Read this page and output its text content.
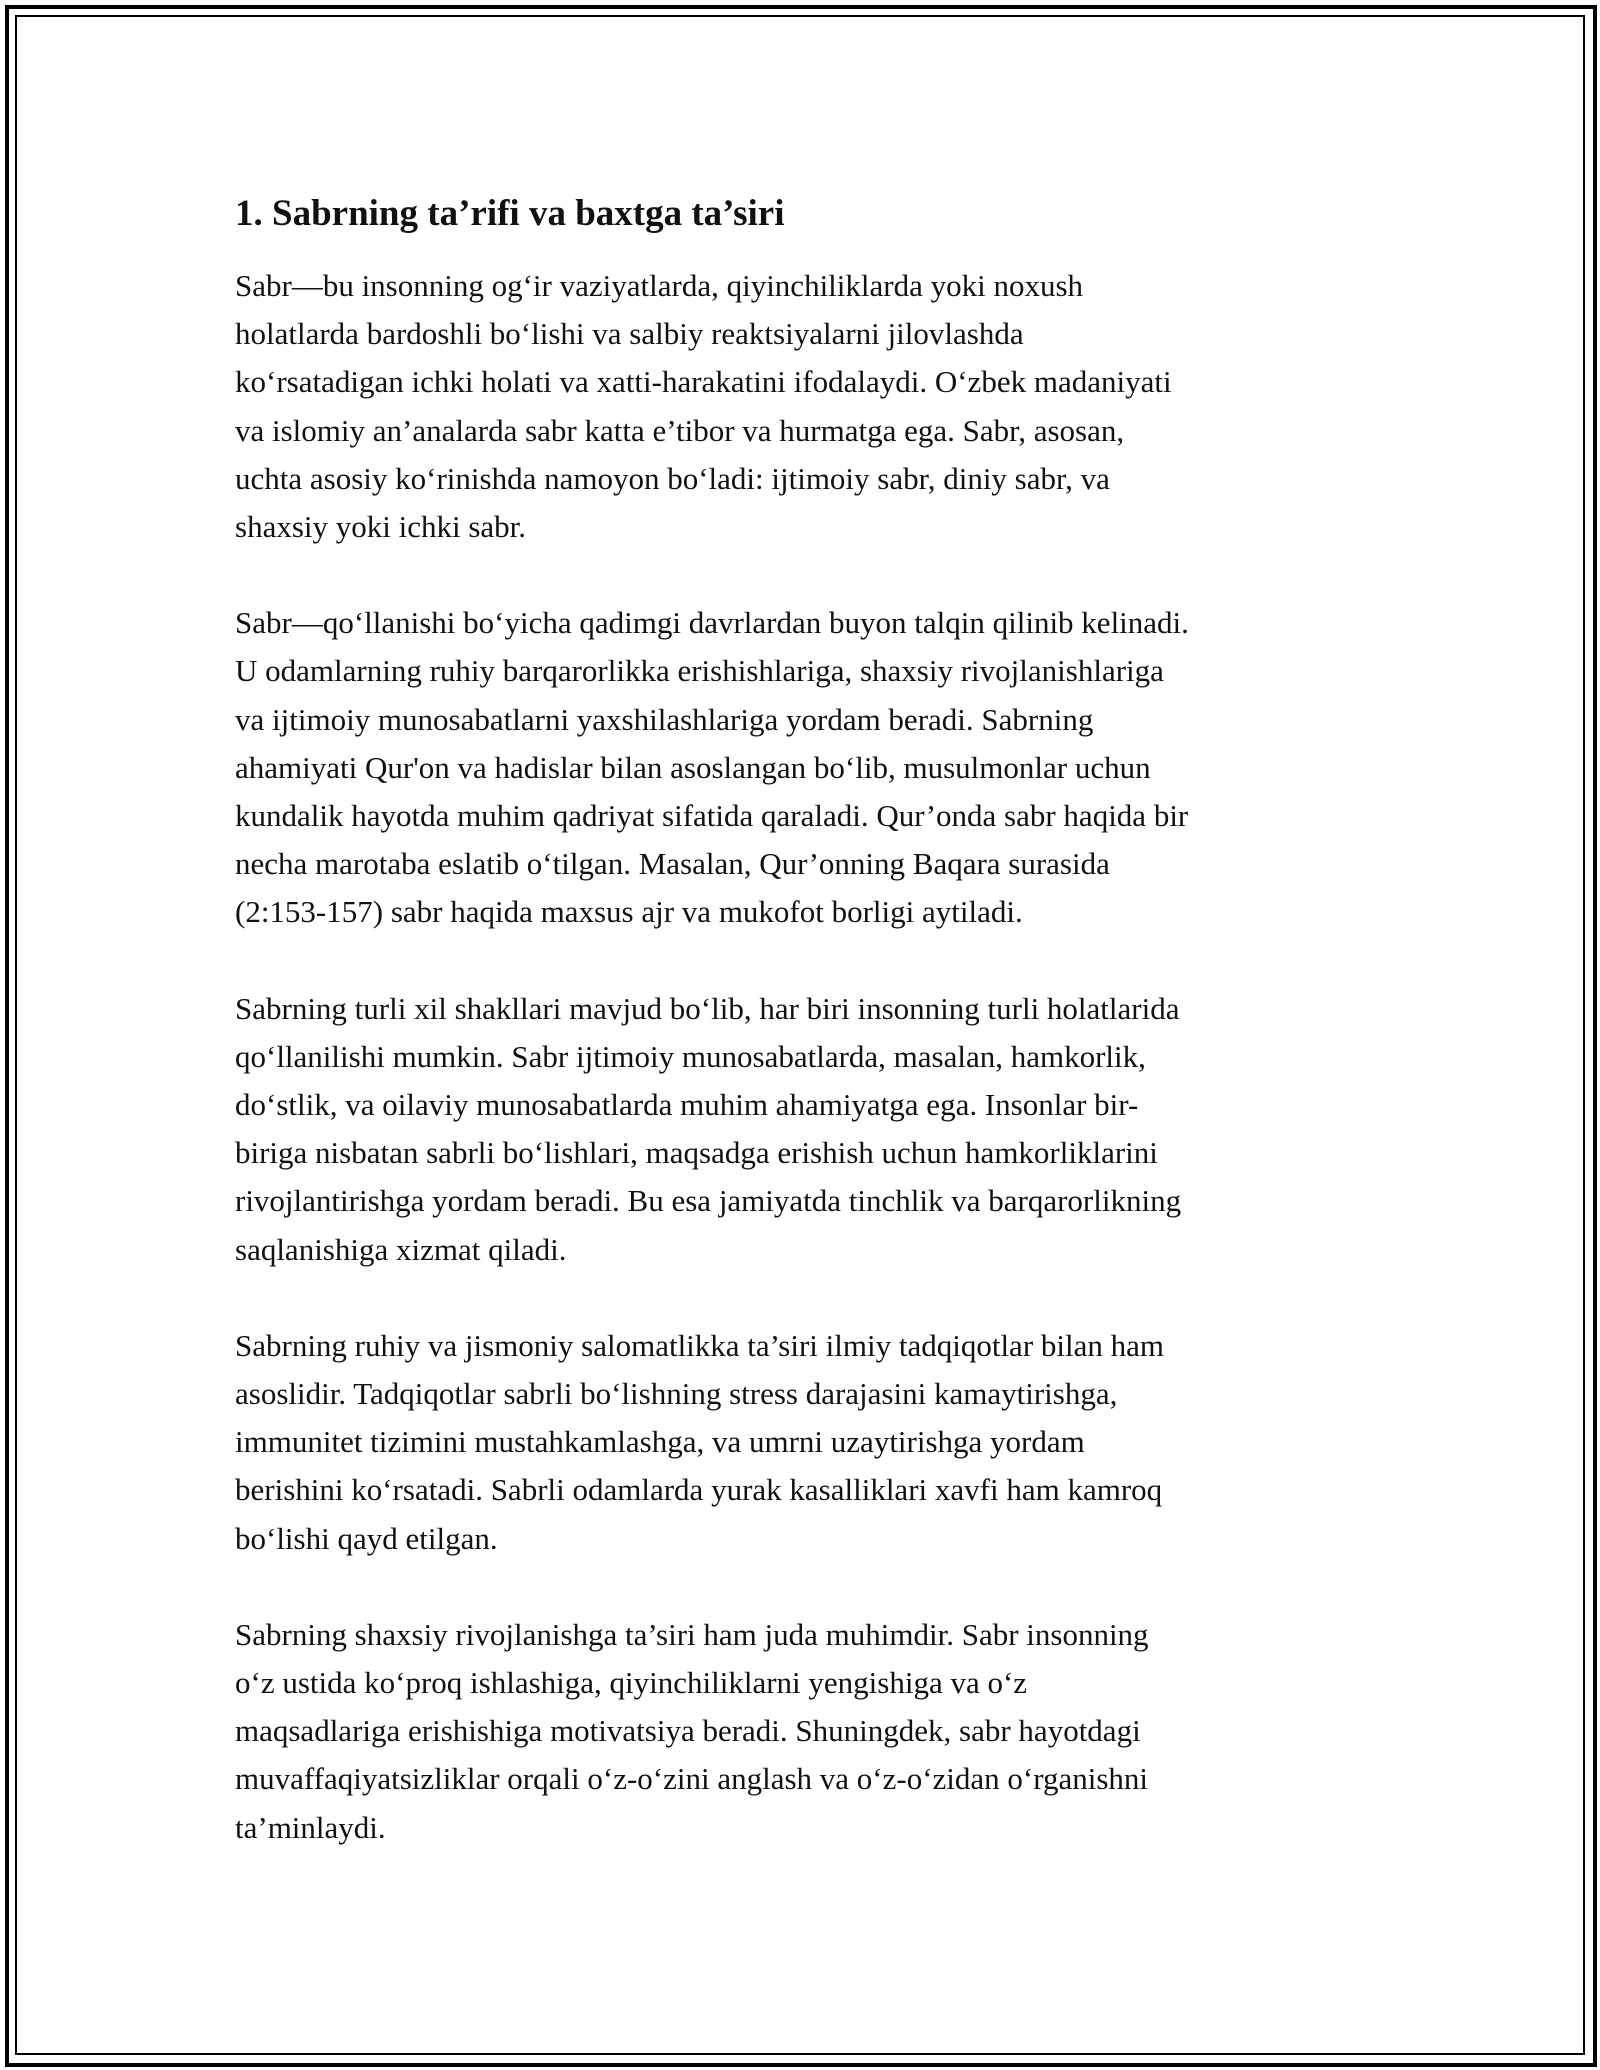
1. Sabrning ta’rifi va baxtga ta’siri

Sabr—bu insonning og‘ir vaziyatlarda, qiyinchiliklarda yoki noxush
holatlarda bardoshli bo‘lishi va salbiy reaktsiyalarni jilovlashda
ko‘rsatadigan ichki holati va xatti-harakatini ifodalaydi. O‘zbek madaniyati
va islomiy an’analarda sabr katta e’tibor va hurmatga ega. Sabr, asosan,
uchta asosiy ko‘rinishda namoyon bo‘ladi: ijtimoiy sabr, diniy sabr, va
shaxsiy yoki ichki sabr.

Sabr—qo‘llanishi bo‘yicha qadimgi davrlardan buyon talqin qilinib kelinadi.
U odamlarning ruhiy barqarorlikka erishishlariga, shaxsiy rivojlanishlariga
va ijtimoiy munosabatlarni yaxshilashlariga yordam beradi. Sabrning
ahamiyati Qur'on va hadislar bilan asoslangan bo‘lib, musulmonlar uchun
kundalik hayotda muhim qadriyat sifatida qaraladi. Qur’onda sabr haqida bir
necha marotaba eslatib o‘tilgan. Masalan, Qur’onning Baqara surasida
(2:153-157) sabr haqida maxsus ajr va mukofot borligi aytiladi.

Sabrning turli xil shakllari mavjud bo‘lib, har biri insonning turli holatlarida
qo‘llanilishi mumkin. Sabr ijtimoiy munosabatlarda, masalan, hamkorlik,
do‘stlik, va oilaviy munosabatlarda muhim ahamiyatga ega. Insonlar bir-
biriga nisbatan sabrli bo‘lishlari, maqsadga erishish uchun hamkorliklarini
rivojlantirishga yordam beradi. Bu esa jamiyatda tinchlik va barqarorlikning
saqlanishiga xizmat qiladi.

Sabrning ruhiy va jismoniy salomatlikka ta’siri ilmiy tadqiqotlar bilan ham
asoslidir. Tadqiqotlar sabrli bo‘lishning stress darajasini kamaytirishga,
immunitet tizimini mustahkamlashga, va umrni uzaytirishga yordam
berishini ko‘rsatadi. Sabrli odamlarda yurak kasalliklari xavfi ham kamroq
bo‘lishi qayd etilgan.

Sabrning shaxsiy rivojlanishga ta’siri ham juda muhimdir. Sabr insonning
o‘z ustida ko‘proq ishlashiga, qiyinchiliklarni yengishiga va o‘z
maqsadlariga erishishiga motivatsiya beradi. Shuningdek, sabr hayotdagi
muvaffaqiyatsizliklar orqali o‘z-o‘zini anglash va o‘z-o‘zidan o‘rganishni
ta’minlaydi.
